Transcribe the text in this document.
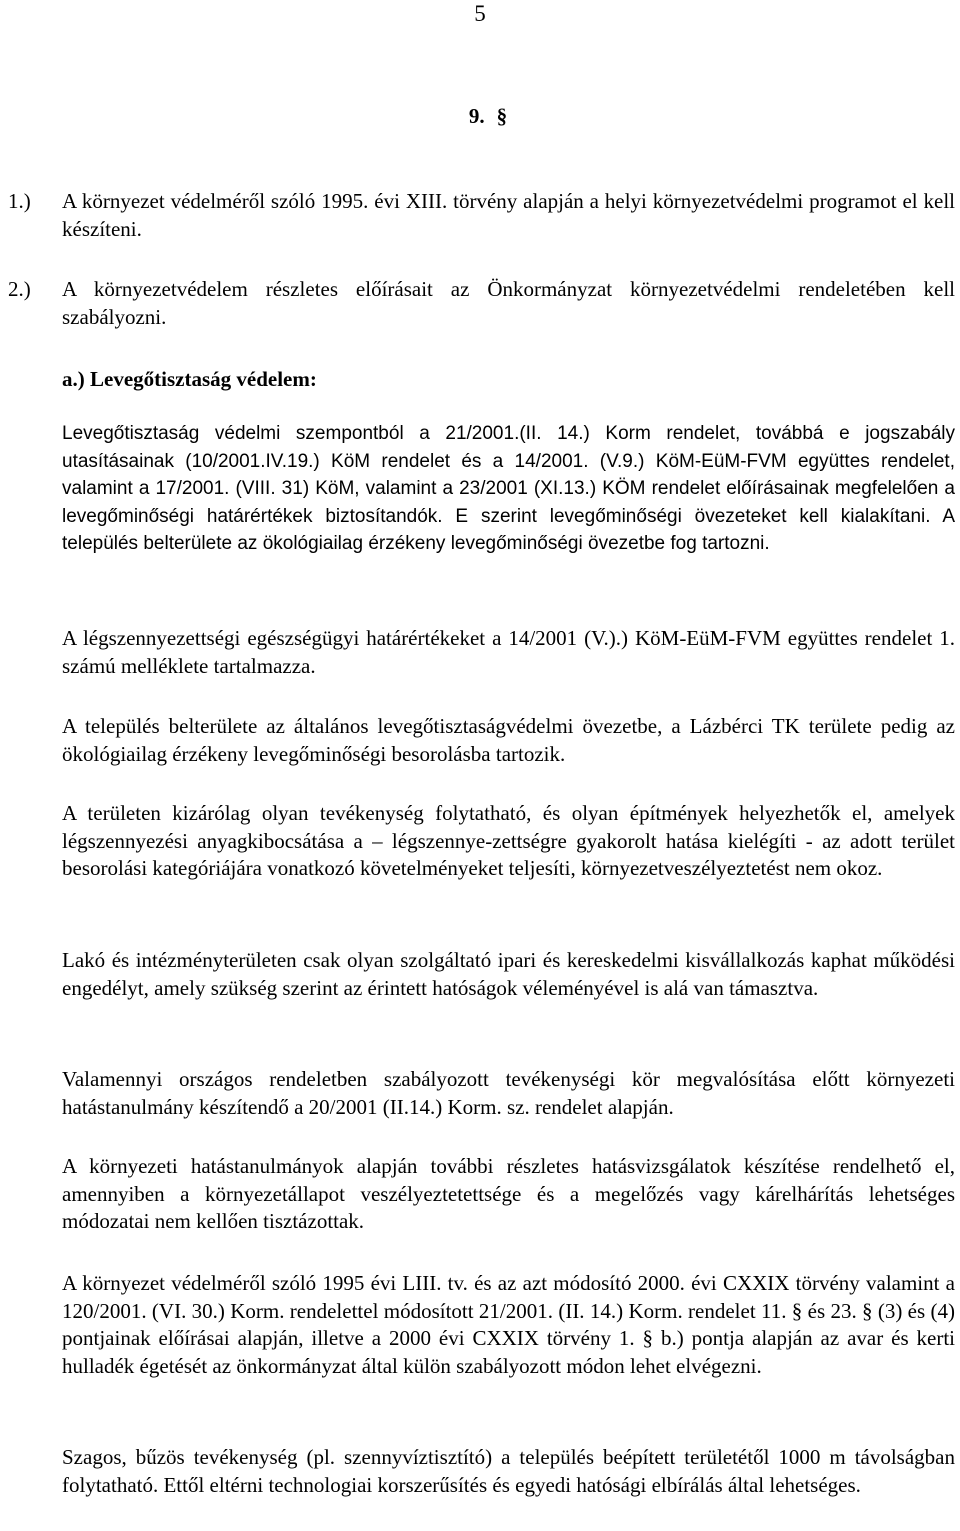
5
9. §

1.) A környezet védelméről szóló 1995. évi XIII. törvény alapján a helyi környezetvédelmi programot el kell készíteni.

2.) A környezetvédelem részletes előírásait az Önkormányzat környezetvédelmi rendeletében kell szabályozni.

a.) Levegőtisztaság védelem:

Levegőtisztaság védelmi szempontból a 21/2001.(II. 14.) Korm rendelet, továbbá e jogszabály utasításainak (10/2001.IV.19.) KöM rendelet és a 14/2001. (V.9.) KöM-EüM-FVM együttes rendelet, valamint a 17/2001. (VIII. 31) KöM, valamint a 23/2001 (XI.13.) KÖM rendelet előírásainak megfelelően a levegőminőségi határértékek biztosítandók. E szerint levegőminőségi övezeteket kell kialakítani. A település belterülete az ökológiailag érzékeny levegőminőségi övezetbe fog tartozni.

A légszennyezettségi egészségügyi határértékeket a 14/2001 (V.).) KöM-EüM-FVM együttes rendelet 1. számú melléklete tartalmazza.

A település belterülete az általános levegőtisztaságvédelmi övezetbe, a Lázbérci TK területe pedig az ökológiailag érzékeny levegőminőségi besorolásba tartozik.

A területen kizárólag olyan tevékenység folytatható, és olyan építmények helyezhetők el, amelyek légszennyezési anyagkibocsátása a – légszennye-zettségre gyakorolt hatása kielégíti - az adott terület besorolási kategóriájára vonatkozó követelményeket teljesíti, környezetveszélyeztetést nem okoz.

Lakó és intézményterületen csak olyan szolgáltató ipari és kereskedelmi kisvállalkozás kaphat működési engedélyt, amely szükség szerint az érintett hatóságok véleményével is alá van támasztva.

Valamennyi országos rendeletben szabályozott tevékenységi kör megvalósítása előtt környezeti hatástanulmány készítendő a 20/2001 (II.14.) Korm. sz. rendelet alapján.

A környezeti hatástanulmányok alapján további részletes hatásvizsgálatok készítése rendelhető el, amennyiben a környezetállapot veszélyeztetettsége és a megelőzés vagy kárelhárítás lehetséges módozatai nem kellően tisztázottak.

A környezet védelméről szóló 1995 évi LIII. tv. és az azt módosító 2000. évi CXXIX törvény valamint a 120/2001. (VI. 30.) Korm. rendelettel módosított 21/2001. (II. 14.) Korm. rendelet 11. § és 23. § (3) és (4) pontjainak előírásai alapján, illetve a 2000 évi CXXIX törvény 1. § b.) pontja alapján az avar és kerti hulladék égetését az önkormányzat által külön szabályozott módon lehet elvégezni.

Szagos, bűzös tevékenység (pl. szennyvíztisztító) a település beépített területétől 1000 m távolságban folytatható. Ettől eltérni technologiai korszerűsítés és egyedi hatósági elbírálás által lehetséges.
